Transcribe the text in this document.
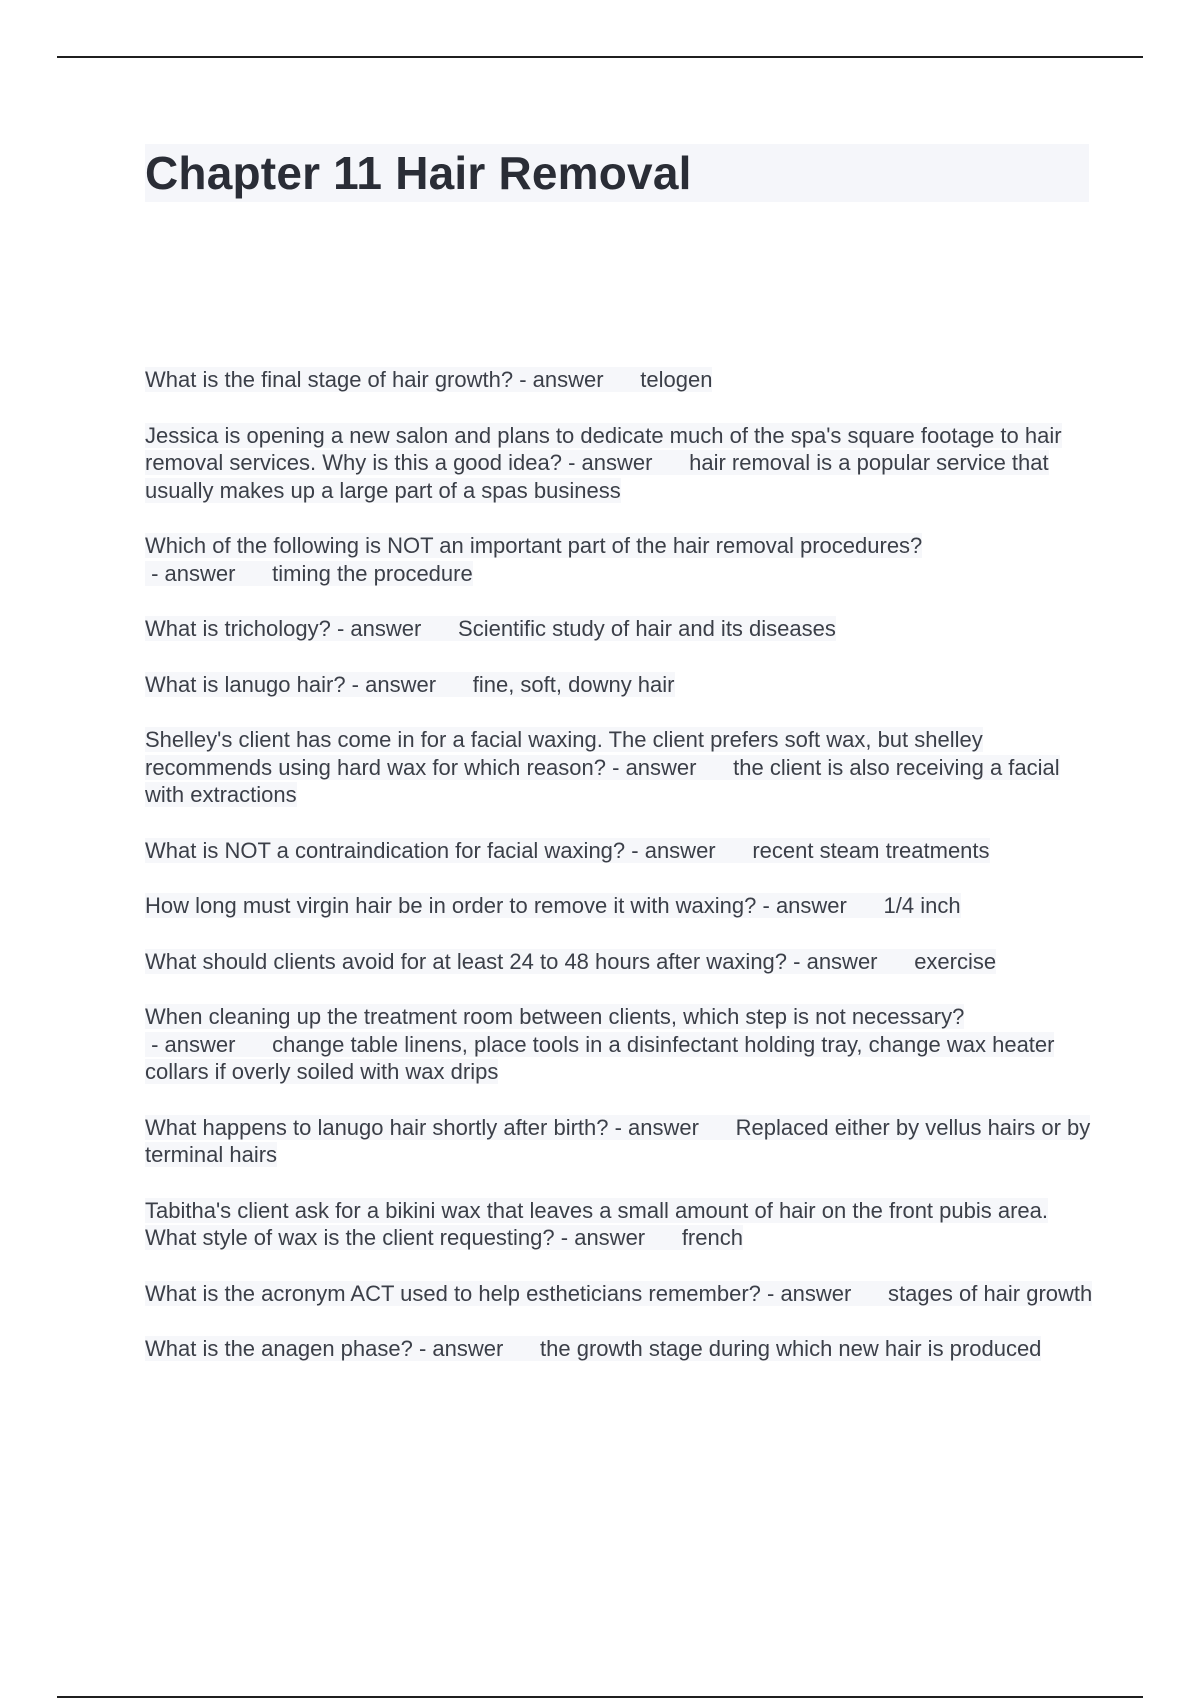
Chapter 11 Hair Removal
What is the final stage of hair growth? - answer      telogen
Jessica is opening a new salon and plans to dedicate much of the spa's square footage to hair removal services. Why is this a good idea? - answer      hair removal is a popular service that usually makes up a large part of a spas business
Which of the following is NOT an important part of the hair removal procedures? - answer      timing the procedure
What is trichology? - answer      Scientific study of hair and its diseases
What is lanugo hair? - answer      fine, soft, downy hair
Shelley's client has come in for a facial waxing. The client prefers soft wax, but shelley recommends using hard wax for which reason? - answer      the client is also receiving a facial with extractions
What is NOT a contraindication for facial waxing? - answer      recent steam treatments
How long must virgin hair be in order to remove it with waxing? - answer      1/4 inch
What should clients avoid for at least 24 to 48 hours after waxing? - answer      exercise
When cleaning up the treatment room between clients, which step is not necessary? - answer      change table linens, place tools in a disinfectant holding tray, change wax heater collars if overly soiled with wax drips
What happens to lanugo hair shortly after birth? - answer      Replaced either by vellus hairs or by terminal hairs
Tabitha's client ask for a bikini wax that leaves a small amount of hair on the front pubis area. What style of wax is the client requesting? - answer      french
What is the acronym ACT used to help estheticians remember? - answer      stages of hair growth
What is the anagen phase? - answer      the growth stage during which new hair is produced
